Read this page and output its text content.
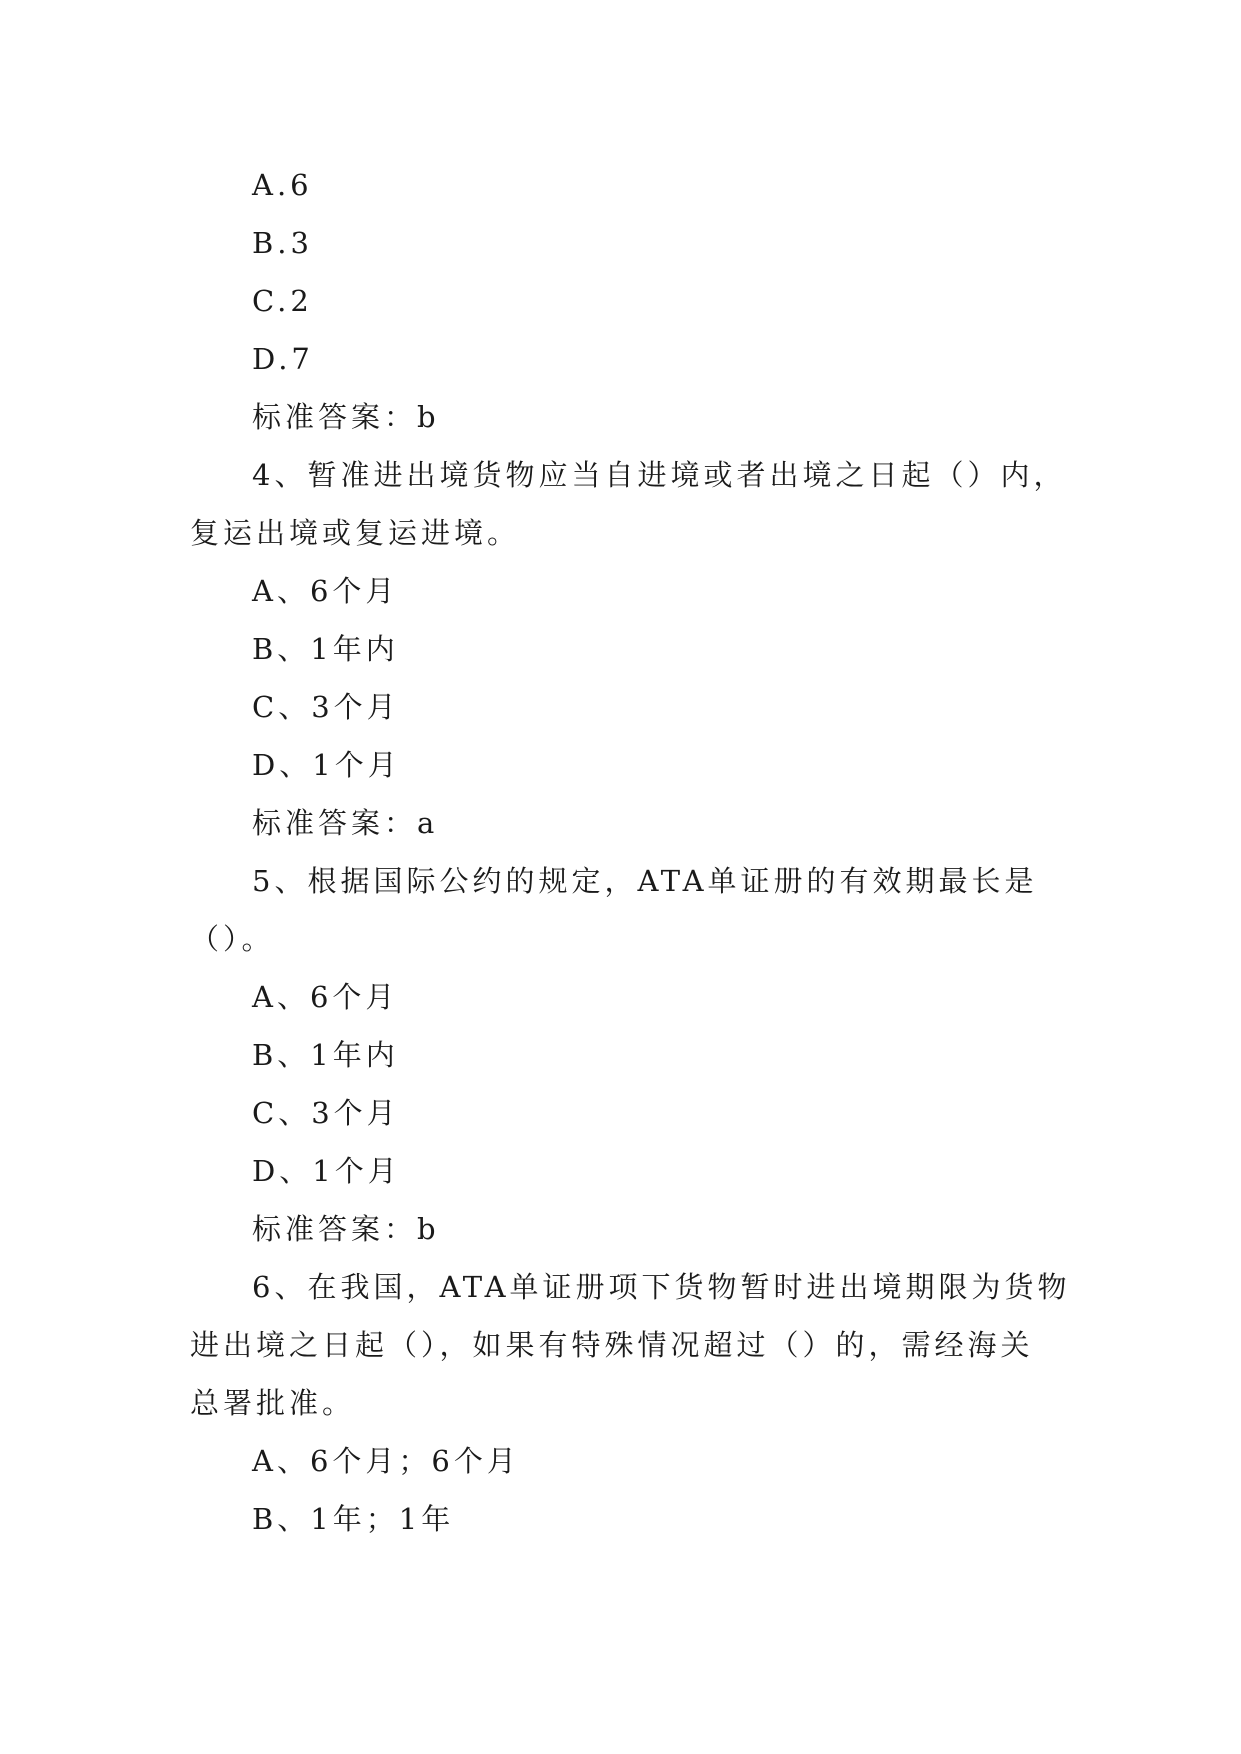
A.6
B.3
C.2
D.7
标准答案：b
4、暂准进出境货物应当自进境或者出境之日起（）内，
复运出境或复运进境。
A、6个月
B、1年内
C、3个月
D、1个月
标准答案：a
5、根据国际公约的规定，ATA单证册的有效期最长是
（）。
A、6个月
B、1年内
C、3个月
D、1个月
标准答案：b
6、在我国，ATA单证册项下货物暂时进出境期限为货物
进出境之日起（），如果有特殊情况超过（）的，需经海关
总署批准。
A、6个月；6个月
B、1年；1年
